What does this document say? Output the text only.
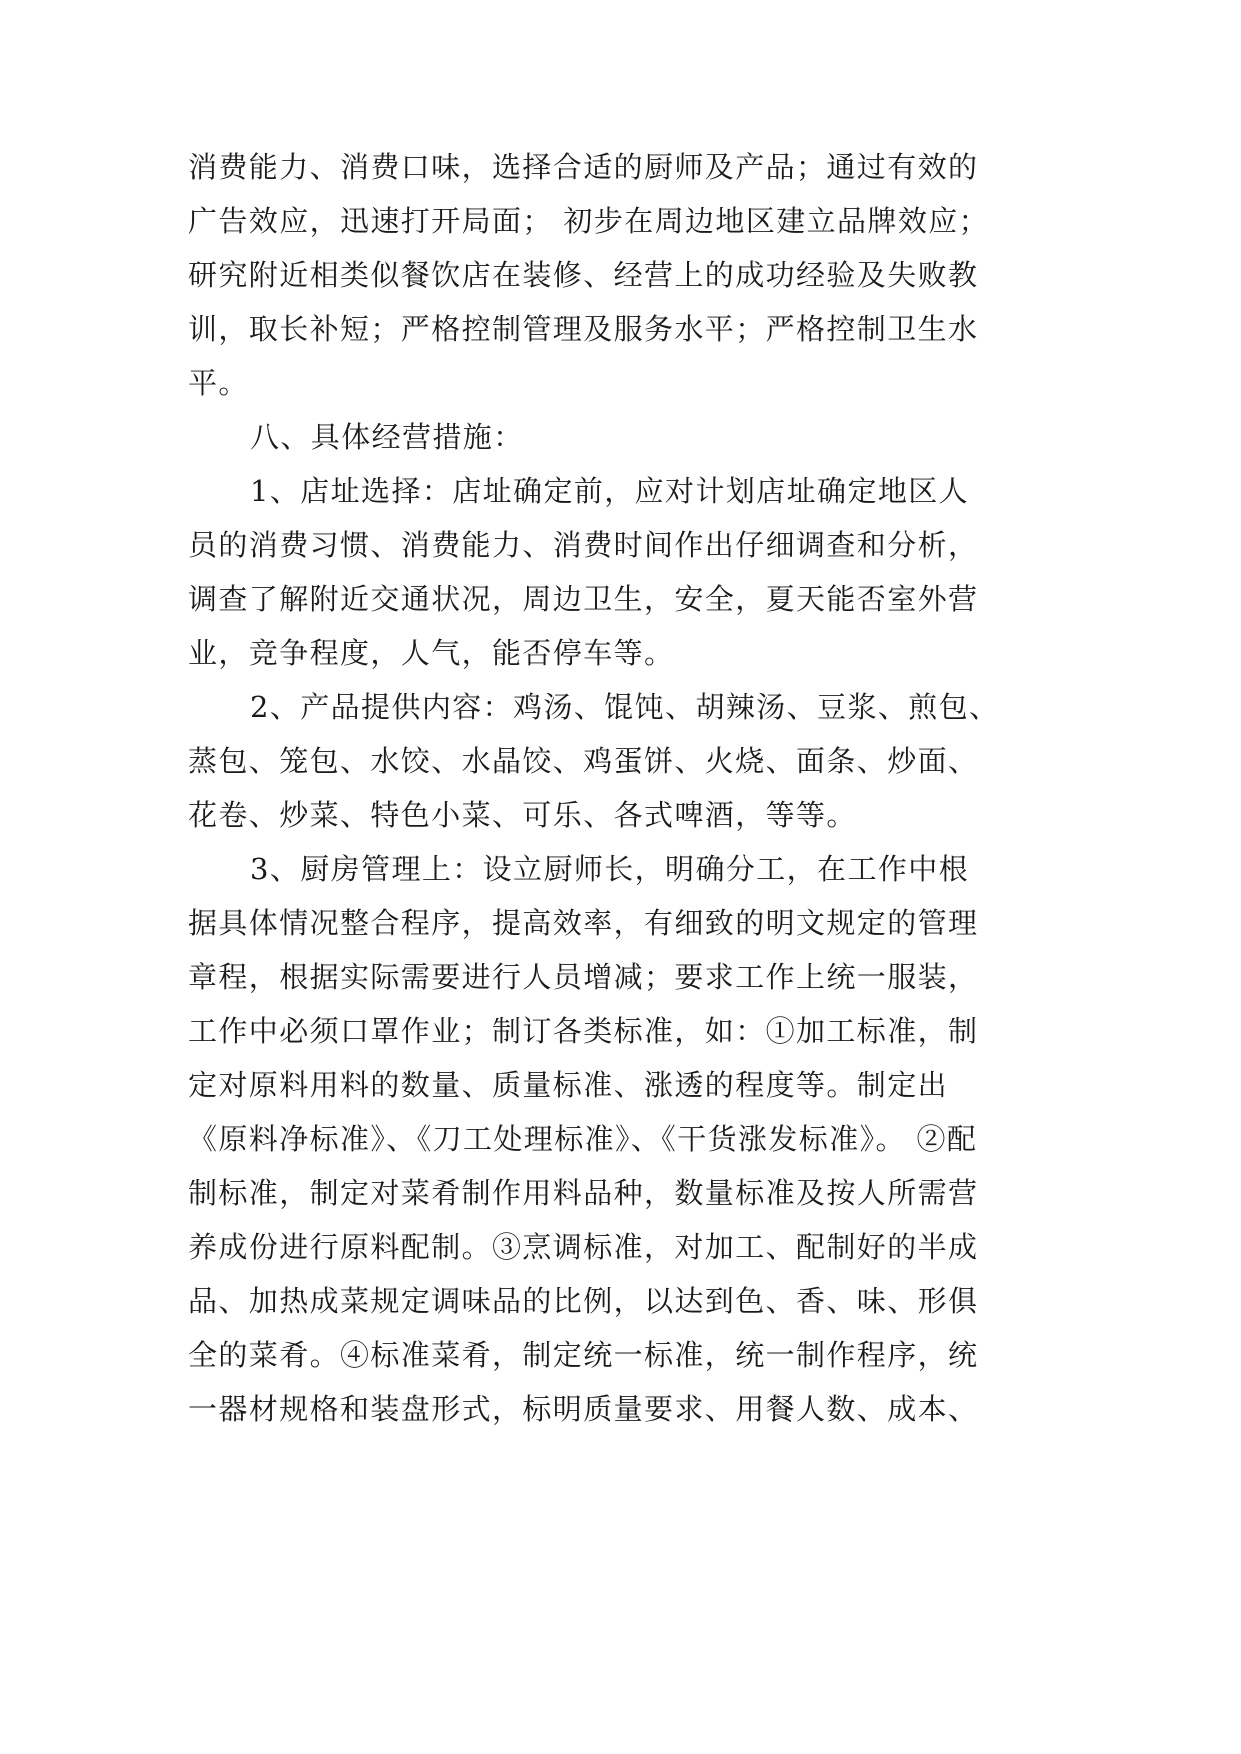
消费能力、消费口味，选择合适的厨师及产品；通过有效的
广告效应，迅速打开局面； 初步在周边地区建立品牌效应；
研究附近相类似餐饮店在装修、经营上的成功经验及失败教
训，取长补短；严格控制管理及服务水平；严格控制卫生水
平。
八、具体经营措施：
1、店址选择：店址确定前，应对计划店址确定地区人
员的消费习惯、消费能力、消费时间作出仔细调查和分析，
调查了解附近交通状况，周边卫生，安全，夏天能否室外营
业，竞争程度，人气，能否停车等。
2、产品提供内容：鸡汤、馄饨、胡辣汤、豆浆、煎包、
蒸包、笼包、水饺、水晶饺、鸡蛋饼、火烧、面条、炒面、
花卷、炒菜、特色小菜、可乐、各式啤酒，等等。
3、厨房管理上：设立厨师长，明确分工，在工作中根
据具体情况整合程序，提高效率，有细致的明文规定的管理
章程，根据实际需要进行人员增减；要求工作上统一服装，
工作中必须口罩作业；制订各类标准，如：①加工标准，制
定对原料用料的数量、质量标准、涨透的程度等。制定出
《原料净标准》、《刀工处理标准》、《干货涨发标准》。 ②配
制标准，制定对菜肴制作用料品种，数量标准及按人所需营
养成份进行原料配制。③烹调标准，对加工、配制好的半成
品、加热成菜规定调味品的比例，以达到色、香、味、形俱
全的菜肴。④标准菜肴，制定统一标准，统一制作程序，统
一器材规格和装盘形式，标明质量要求、用餐人数、成本、
